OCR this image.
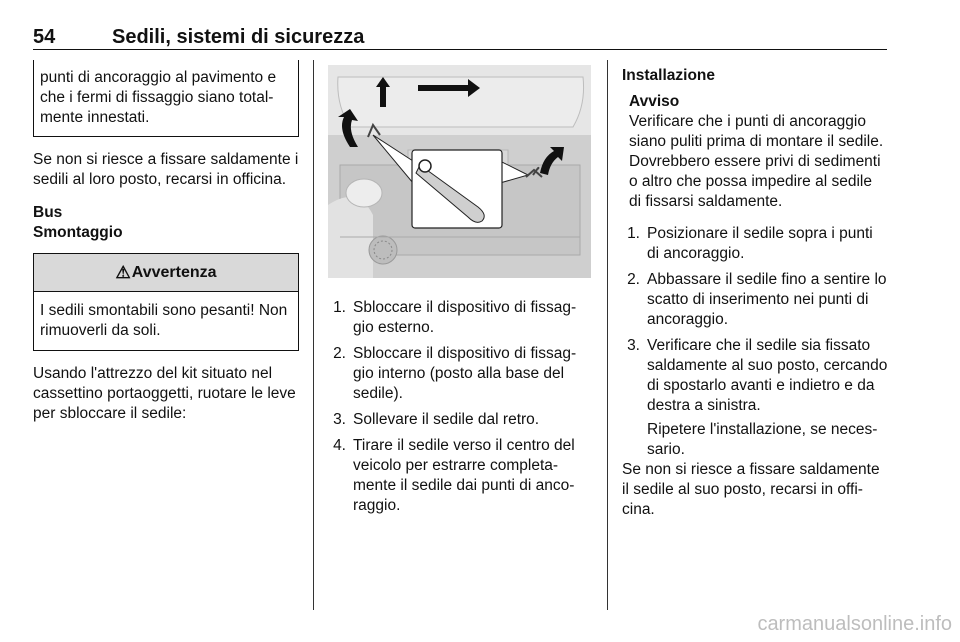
54	Sedili, sistemi di sicurezza
punti di ancoraggio al pavimento e che i fermi di fissaggio siano total- mente innestati.
Se non si riesce a fissare saldamente i sedili al loro posto, recarsi in officina.
Bus
Smontaggio
⚠ Avvertenza
I sedili smontabili sono pesanti! Non rimuoverli da soli.
Usando l'attrezzo del kit situato nel cassettino portaoggetti, ruotare le leve per sbloccare il sedile:
1. Sbloccare il dispositivo di fissag- gio esterno.
2. Sbloccare il dispositivo di fissag- gio interno (posto alla base del sedile).
3. Sollevare il sedile dal retro.
4. Tirare il sedile verso il centro del veicolo per estrarre completa- mente il sedile dai punti di anco- raggio.
Installazione
Avviso
Verificare che i punti di ancoraggio siano puliti prima di montare il sedile. Dovrebbero essere privi di sedimenti o altro che possa impedire al sedile di fissarsi saldamente.
1. Posizionare il sedile sopra i punti di ancoraggio.
2. Abbassare il sedile fino a sentire lo scatto di inserimento nei punti di ancoraggio.
3. Verificare che il sedile sia fissato saldamente al suo posto, cercando di spostarlo avanti e indietro e da destra a sinistra.
Ripetere l'installazione, se neces- sario.
Se non si riesce a fissare saldamente il sedile al suo posto, recarsi in offi- cina.
carmanualsonline.info
